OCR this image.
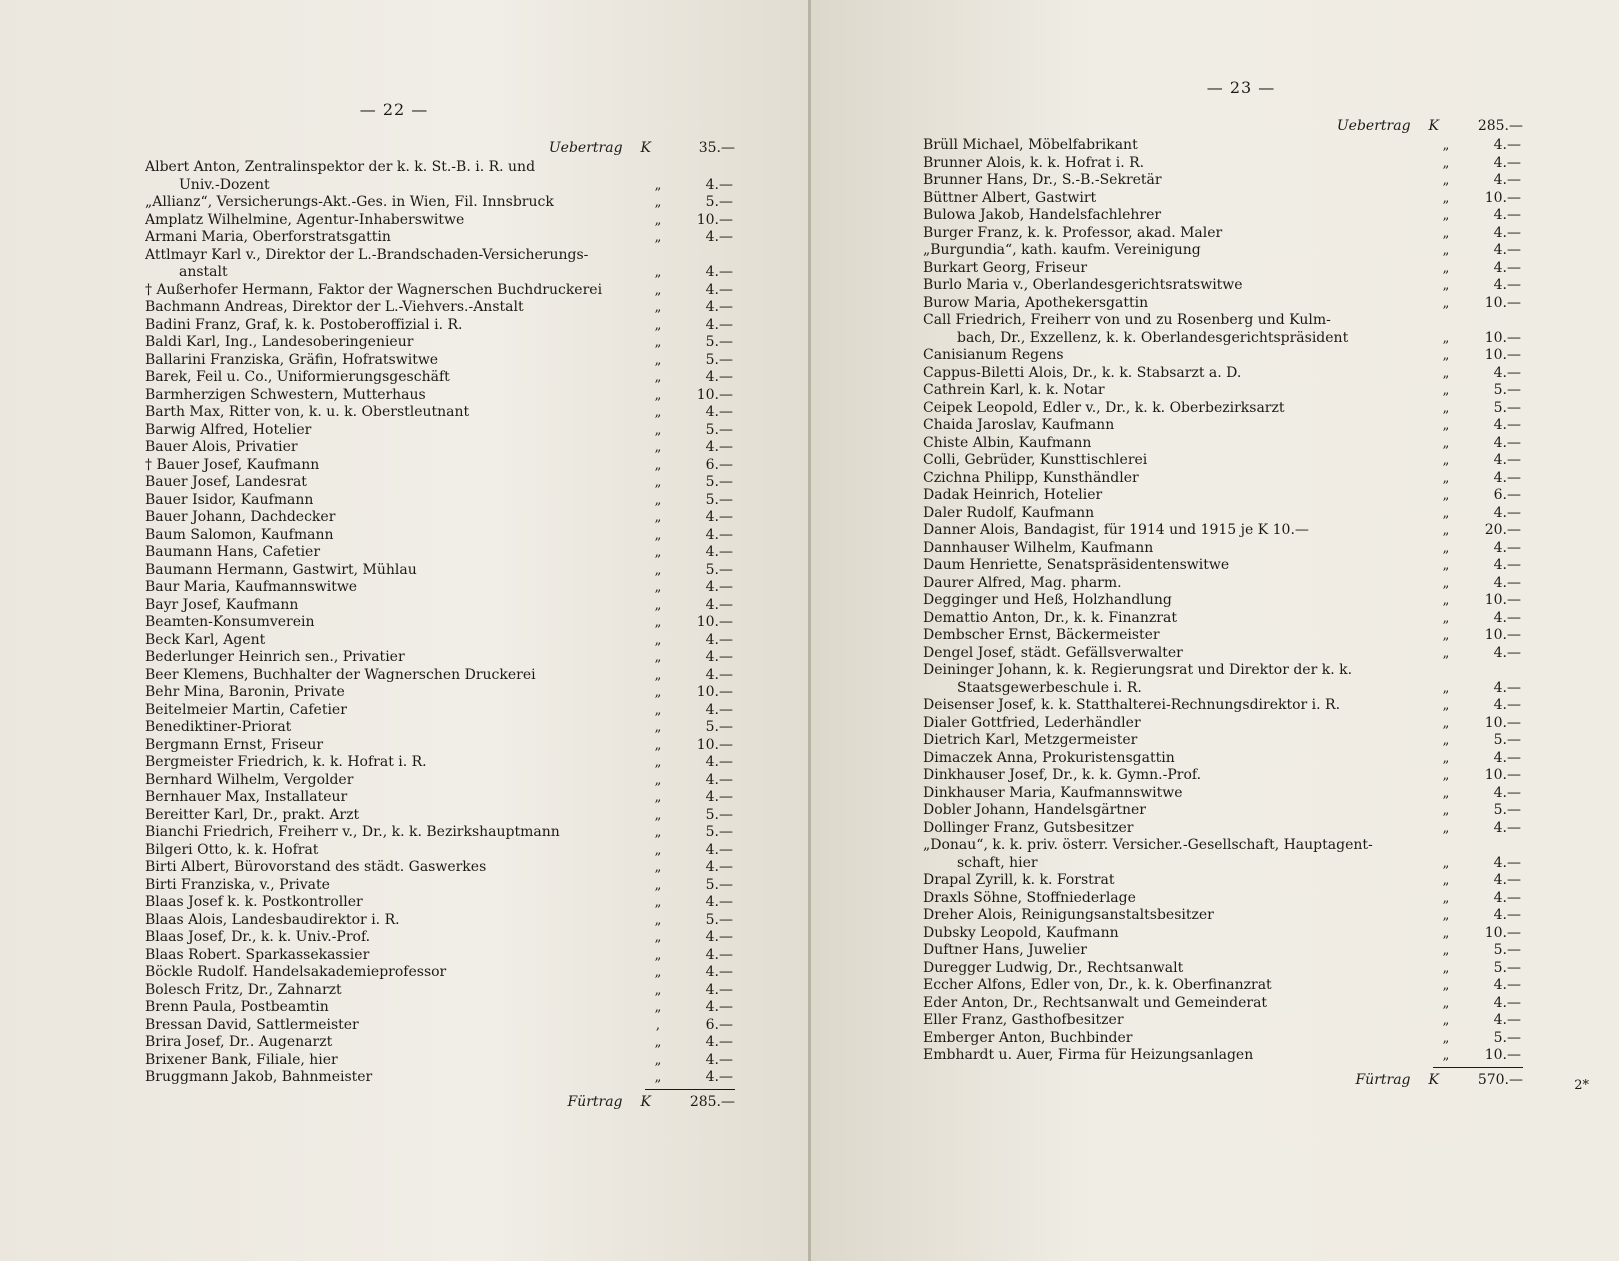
— 22 —
Uebertrag K	35.—
Albert Anton, Zentralinspektor der k. k. St.-B. i. R. und
Univ.-Dozent	„	4.—
„Allianz“, Versicherungs-Akt.-Ges. in Wien, Fil. Innsbruck	„	5.—
Amplatz Wilhelmine, Agentur-Inhaberswitwe	„	10.—
Armani Maria, Oberforstratsgattin	„	4.—
Attlmayr Karl v., Direktor der L.-Brandschaden-Versicherungs-
anstalt	„	4.—
† Außerhofer Hermann, Faktor der Wagnerschen Buchdruckerei	„	4.—
Bachmann Andreas, Direktor der L.-Viehvers.-Anstalt	„	4.—
Badini Franz, Graf, k. k. Postoberoffizial i. R.	„	4.—
Baldi Karl, Ing., Landesoberingenieur	„	5.—
Ballarini Franziska, Gräfin, Hofratswitwe	„	5.—
Barek, Feil u. Co., Uniformierungsgeschäft	„	4.—
Barmherzigen Schwestern, Mutterhaus	„	10.—
Barth Max, Ritter von, k. u. k. Oberstleutnant	„	4.—
Barwig Alfred, Hotelier	„	5.—
Bauer Alois, Privatier	„	4.—
† Bauer Josef, Kaufmann	„	6.—
Bauer Josef, Landesrat	„	5.—
Bauer Isidor, Kaufmann	„	5.—
Bauer Johann, Dachdecker	„	4.—
Baum Salomon, Kaufmann	„	4.—
Baumann Hans, Cafetier	„	4.—
Baumann Hermann, Gastwirt, Mühlau	„	5.—
Baur Maria, Kaufmannswitwe	„	4.—
Bayr Josef, Kaufmann	„	4.—
Beamten-Konsumverein	„	10.—
Beck Karl, Agent	„	4.—
Bederlunger Heinrich sen., Privatier	„	4.—
Beer Klemens, Buchhalter der Wagnerschen Druckerei	„	4.—
Behr Mina, Baronin, Private	„	10.—
Beitelmeier Martin, Cafetier	„	4.—
Benediktiner-Priorat	„	5.—
Bergmann Ernst, Friseur	„	10.—
Bergmeister Friedrich, k. k. Hofrat i. R.	„	4.—
Bernhard Wilhelm, Vergolder	„	4.—
Bernhauer Max, Installateur	„	4.—
Bereitter Karl, Dr., prakt. Arzt	„	5.—
Bianchi Friedrich, Freiherr v., Dr., k. k. Bezirkshauptmann	„	5.—
Bilgeri Otto, k. k. Hofrat	„	4.—
Birti Albert, Bürovorstand des städt. Gaswerkes	„	4.—
Birti Franziska, v., Private	„	5.—
Blaas Josef k. k. Postkontroller	„	4.—
Blaas Alois, Landesbaudirektor i. R.	„	5.—
Blaas Josef, Dr., k. k. Univ.-Prof.	„	4.—
Blaas Robert. Sparkassekassier	„	4.—
Böckle Rudolf. Handelsakademieprofessor	„	4.—
Bolesch Fritz, Dr., Zahnarzt	„	4.—
Brenn Paula, Postbeamtin	„	4.—
Bressan David, Sattlermeister	,	6.—
Brira Josef, Dr.. Augenarzt	„	4.—
Brixener Bank, Filiale, hier	„	4.—
Bruggmann Jakob, Bahnmeister	„	4.—
Fürtrag K	285.—
— 23 —
Uebertrag K	285.—
Brüll Michael, Möbelfabrikant	„	4.—
Brunner Alois, k. k. Hofrat i. R.	„	4.—
Brunner Hans, Dr., S.-B.-Sekretär	„	4.—
Büttner Albert, Gastwirt	„	10.—
Bulowa Jakob, Handelsfachlehrer	„	4.—
Burger Franz, k. k. Professor, akad. Maler	„	4.—
„Burgundia“, kath. kaufm. Vereinigung	„	4.—
Burkart Georg, Friseur	„	4.—
Burlo Maria v., Oberlandesgerichtsratswitwe	„	4.—
Burow Maria, Apothekersgattin	„	10.—
Call Friedrich, Freiherr von und zu Rosenberg und Kulm-
bach, Dr., Exzellenz, k. k. Oberlandesgerichtspräsident	„	10.—
Canisianum Regens	„	10.—
Cappus-Biletti Alois, Dr., k. k. Stabsarzt a. D.	„	4.—
Cathrein Karl, k. k. Notar	„	5.—
Ceipek Leopold, Edler v., Dr., k. k. Oberbezirksarzt	„	5.—
Chaida Jaroslav, Kaufmann	„	4.—
Chiste Albin, Kaufmann	„	4.—
Colli, Gebrüder, Kunsttischlerei	„	4.—
Czichna Philipp, Kunsthändler	„	4.—
Dadak Heinrich, Hotelier	„	6.—
Daler Rudolf, Kaufmann	„	4.—
Danner Alois, Bandagist, für 1914 und 1915 je K 10.—	„	20.—
Dannhauser Wilhelm, Kaufmann	„	4.—
Daum Henriette, Senatspräsidentenswitwe	„	4.—
Daurer Alfred, Mag. pharm.	„	4.—
Degginger und Heß, Holzhandlung	„	10.—
Demattio Anton, Dr., k. k. Finanzrat	„	4.—
Dembscher Ernst, Bäckermeister	„	10.—
Dengel Josef, städt. Gefällsverwalter	„	4.—
Deininger Johann, k. k. Regierungsrat und Direktor der k. k.
Staatsgewerbeschule i. R.	„	4.—
Deisenser Josef, k. k. Statthalterei-Rechnungsdirektor i. R.	„	4.—
Dialer Gottfried, Lederhändler	„	10.—
Dietrich Karl, Metzgermeister	„	5.—
Dimaczek Anna, Prokuristensgattin	„	4.—
Dinkhauser Josef, Dr., k. k. Gymn.-Prof.	„	10.—
Dinkhauser Maria, Kaufmannswitwe	„	4.—
Dobler Johann, Handelsgärtner	„	5.—
Dollinger Franz, Gutsbesitzer	„	4.—
„Donau“, k. k. priv. österr. Versicher.-Gesellschaft, Hauptagent-
schaft, hier	„	4.—
Drapal Zyrill, k. k. Forstrat	„	4.—
Draxls Söhne, Stoffniederlage	„	4.—
Dreher Alois, Reinigungsanstaltsbesitzer	„	4.—
Dubsky Leopold, Kaufmann	„	10.—
Duftner Hans, Juwelier	„	5.—
Duregger Ludwig, Dr., Rechtsanwalt	„	5.—
Eccher Alfons, Edler von, Dr., k. k. Oberfinanzrat	„	4.—
Eder Anton, Dr., Rechtsanwalt und Gemeinderat	„	4.—
Eller Franz, Gasthofbesitzer	„	4.—
Emberger Anton, Buchbinder	„	5.—
Embhardt u. Auer, Firma für Heizungsanlagen	„	10.—
Fürtrag K	570.—	2*
